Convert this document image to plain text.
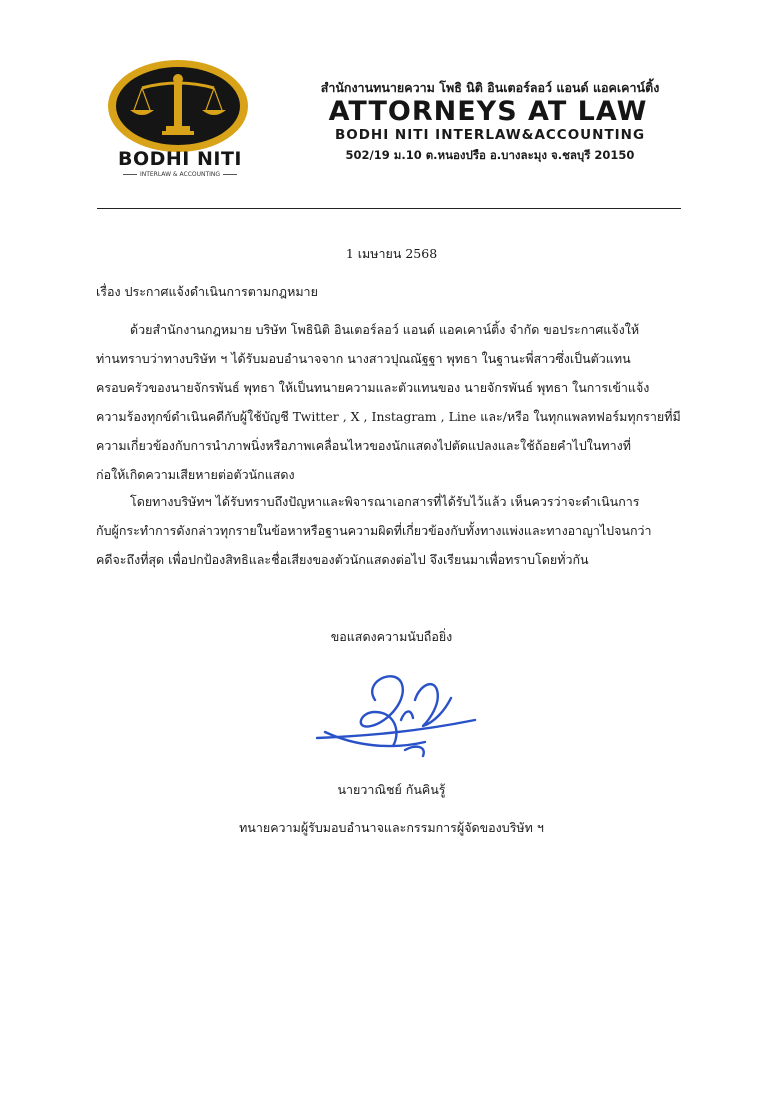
BODHI NITI
INTERLAW & ACCOUNTING
สำนักงานทนายความ โพธิ นิติ อินเตอร์ลอว์ แอนด์ แอคเคาน์ติ้ง
ATTORNEYS AT LAW
BODHI NITI INTERLAW&ACCOUNTING
502/19 ม.10 ต.หนองปรือ อ.บางละมุง จ.ชลบุรี 20150
1 เมษายน 2568
เรื่อง ประกาศแจ้งดำเนินการตามกฎหมาย
ด้วยสำนักงานกฎหมาย บริษัท โพธินิติ อินเตอร์ลอว์ แอนด์ แอคเคาน์ติ้ง จำกัด ขอประกาศแจ้งให้
ท่านทราบว่าทางบริษัท ฯ ได้รับมอบอำนาจจาก นางสาวปุณณัฐฐา พุทธา ในฐานะพี่สาวซึ่งเป็นตัวแทน
ครอบครัวของนายจักรพันธ์ พุทธา ให้เป็นทนายความและตัวแทนของ นายจักรพันธ์ พุทธา ในการเข้าแจ้ง
ความร้องทุกข์ดำเนินคดีกับผู้ใช้บัญชี Twitter , X , Instagram , Line และ/หรือ ในทุกแพลทฟอร์มทุกรายที่มี
ความเกี่ยวข้องกับการนำภาพนิ่งหรือภาพเคลื่อนไหวของนักแสดงไปตัดแปลงและใช้ถ้อยคำไปในทางที่
ก่อให้เกิดความเสียหายต่อตัวนักแสดง
โดยทางบริษัทฯ ได้รับทราบถึงปัญหาและพิจารณาเอกสารที่ได้รับไว้แล้ว เห็นควรว่าจะดำเนินการ
กับผู้กระทำการดังกล่าวทุกรายในข้อหาหรือฐานความผิดที่เกี่ยวข้องกับทั้งทางแพ่งและทางอาญาไปจนกว่า
คดีจะถึงที่สุด เพื่อปกป้องสิทธิและชื่อเสียงของตัวนักแสดงต่อไป จึงเรียนมาเพื่อทราบโดยทั่วกัน
ขอแสดงความนับถือยิ่ง
นายวาณิชย์ กันคินรู้
ทนายความผู้รับมอบอำนาจและกรรมการผู้จัดของบริษัท ฯ
